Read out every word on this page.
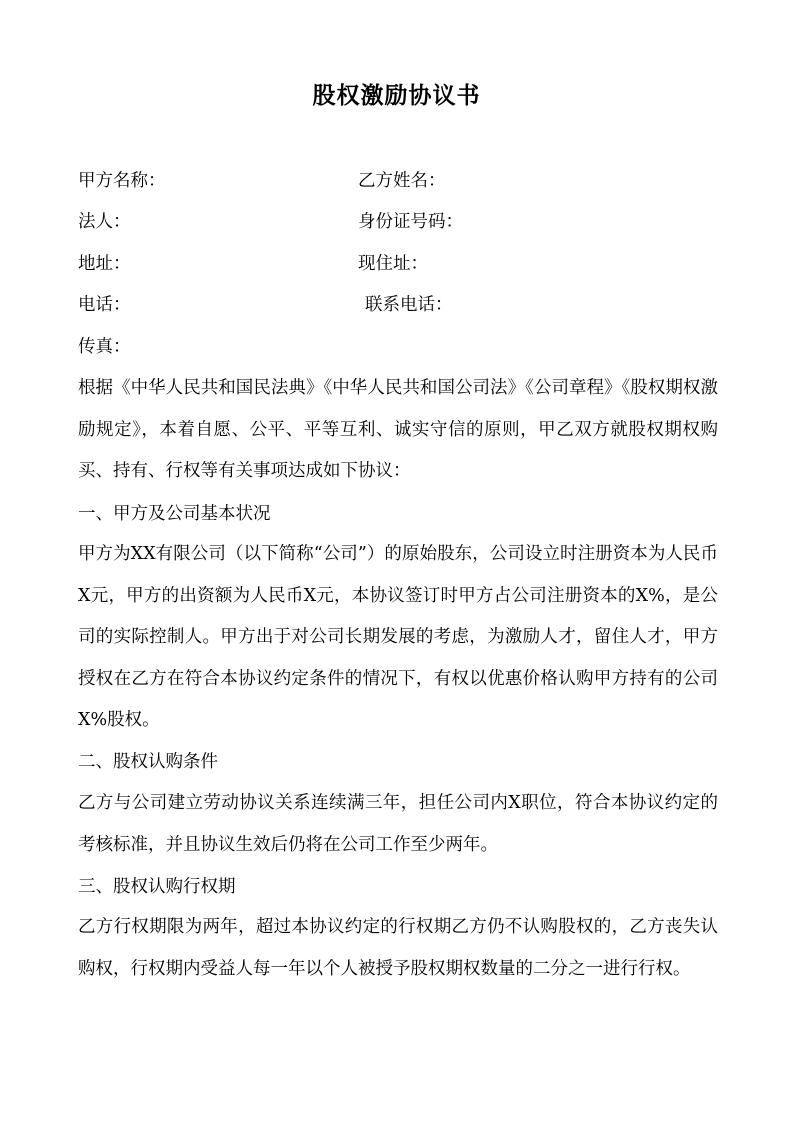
股权激励协议书
甲方名称：	乙方姓名：
法人：	身份证号码：
地址：	现住址：
电话：	联系电话：
传真：
根据《中华人民共和国民法典》《中华人民共和国公司法》《公司章程》《股权期权激励规定》，本着自愿、公平、平等互利、诚实守信的原则，甲乙双方就股权期权购买、持有、行权等有关事项达成如下协议：
一、甲方及公司基本状况
甲方为XX有限公司（以下简称“公司”）的原始股东，公司设立时注册资本为人民币X元，甲方的出资额为人民币X元，本协议签订时甲方占公司注册资本的X%，是公司的实际控制人。甲方出于对公司长期发展的考虑，为激励人才，留住人才，甲方授权在乙方在符合本协议约定条件的情况下，有权以优惠价格认购甲方持有的公司X%股权。
二、股权认购条件
乙方与公司建立劳动协议关系连续满三年，担任公司内X职位，符合本协议约定的考核标准，并且协议生效后仍将在公司工作至少两年。
三、股权认购行权期
乙方行权期限为两年，超过本协议约定的行权期乙方仍不认购股权的，乙方丧失认购权，行权期内受益人每一年以个人被授予股权期权数量的二分之一进行行权。
